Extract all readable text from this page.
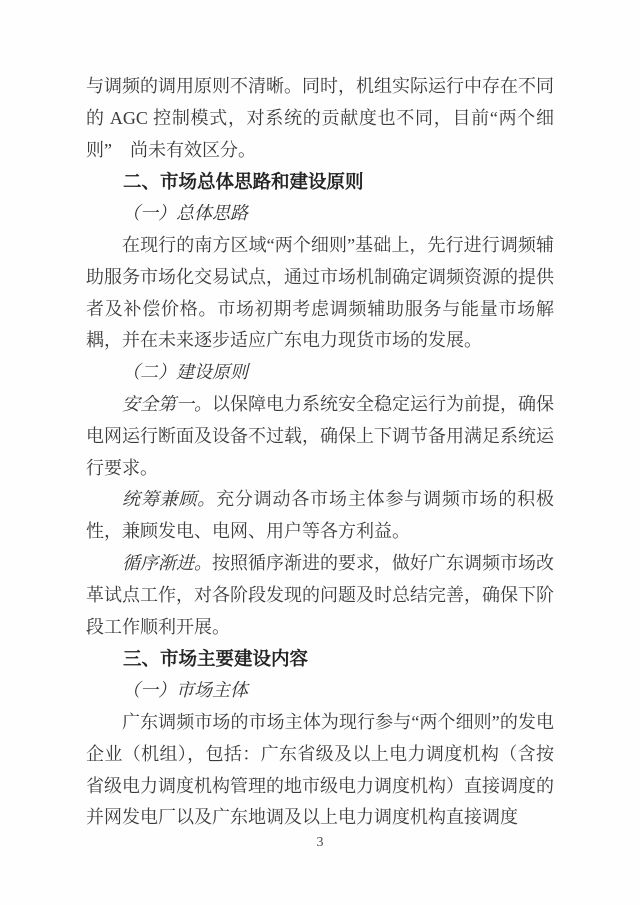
与调频的调用原则不清晰。同时，机组实际运行中存在不同的 AGC 控制模式，对系统的贡献度也不同，目前“两个细则”　尚未有效区分。

二、市场总体思路和建设原则

（一）总体思路

在现行的南方区域“两个细则”基础上，先行进行调频辅助服务市场化交易试点，通过市场机制确定调频资源的提供者及补偿价格。市场初期考虑调频辅助服务与能量市场解耦，并在未来逐步适应广东电力现货市场的发展。

（二）建设原则

安全第一。以保障电力系统安全稳定运行为前提，确保电网运行断面及设备不过载，确保上下调节备用满足系统运行要求。

统筹兼顾。充分调动各市场主体参与调频市场的积极性，兼顾发电、电网、用户等各方利益。

循序渐进。按照循序渐进的要求，做好广东调频市场改革试点工作，对各阶段发现的问题及时总结完善，确保下阶段工作顺利开展。

三、市场主要建设内容

（一）市场主体

广东调频市场的市场主体为现行参与“两个细则”的发电企业（机组），包括：广东省级及以上电力调度机构（含按省级电力调度机构管理的地市级电力调度机构）直接调度的并网发电厂以及广东地调及以上电力调度机构直接调度

3
